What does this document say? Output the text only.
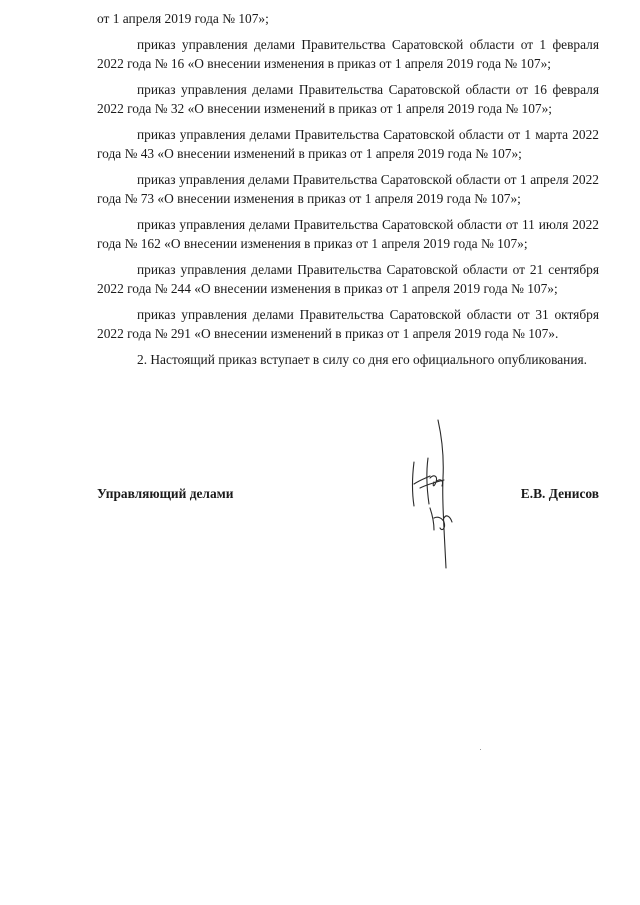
от 1 апреля 2019 года № 107»;

приказ управления делами Правительства Саратовской области от 1 февраля 2022 года № 16 «О внесении изменения в приказ от 1 апреля 2019 года № 107»;

приказ управления делами Правительства Саратовской области от 16 февраля 2022 года № 32 «О внесении изменений в приказ от 1 апреля 2019 года № 107»;

приказ управления делами Правительства Саратовской области от 1 марта 2022 года № 43 «О внесении изменений в приказ от 1 апреля 2019 года № 107»;

приказ управления делами Правительства Саратовской области от 1 апреля 2022 года № 73 «О внесении изменения в приказ от 1 апреля 2019 года № 107»;

приказ управления делами Правительства Саратовской области от 11 июля 2022 года № 162 «О внесении изменения в приказ от 1 апреля 2019 года № 107»;

приказ управления делами Правительства Саратовской области от 21 сентября 2022 года № 244 «О внесении изменения в приказ от 1 апреля 2019 года № 107»;

приказ управления делами Правительства Саратовской области от 31 октября 2022 года № 291 «О внесении изменений в приказ от 1 апреля 2019 года № 107».

2. Настоящий приказ вступает в силу со дня его официального опубликования.

Управляющий делами	Е.В. Денисов
